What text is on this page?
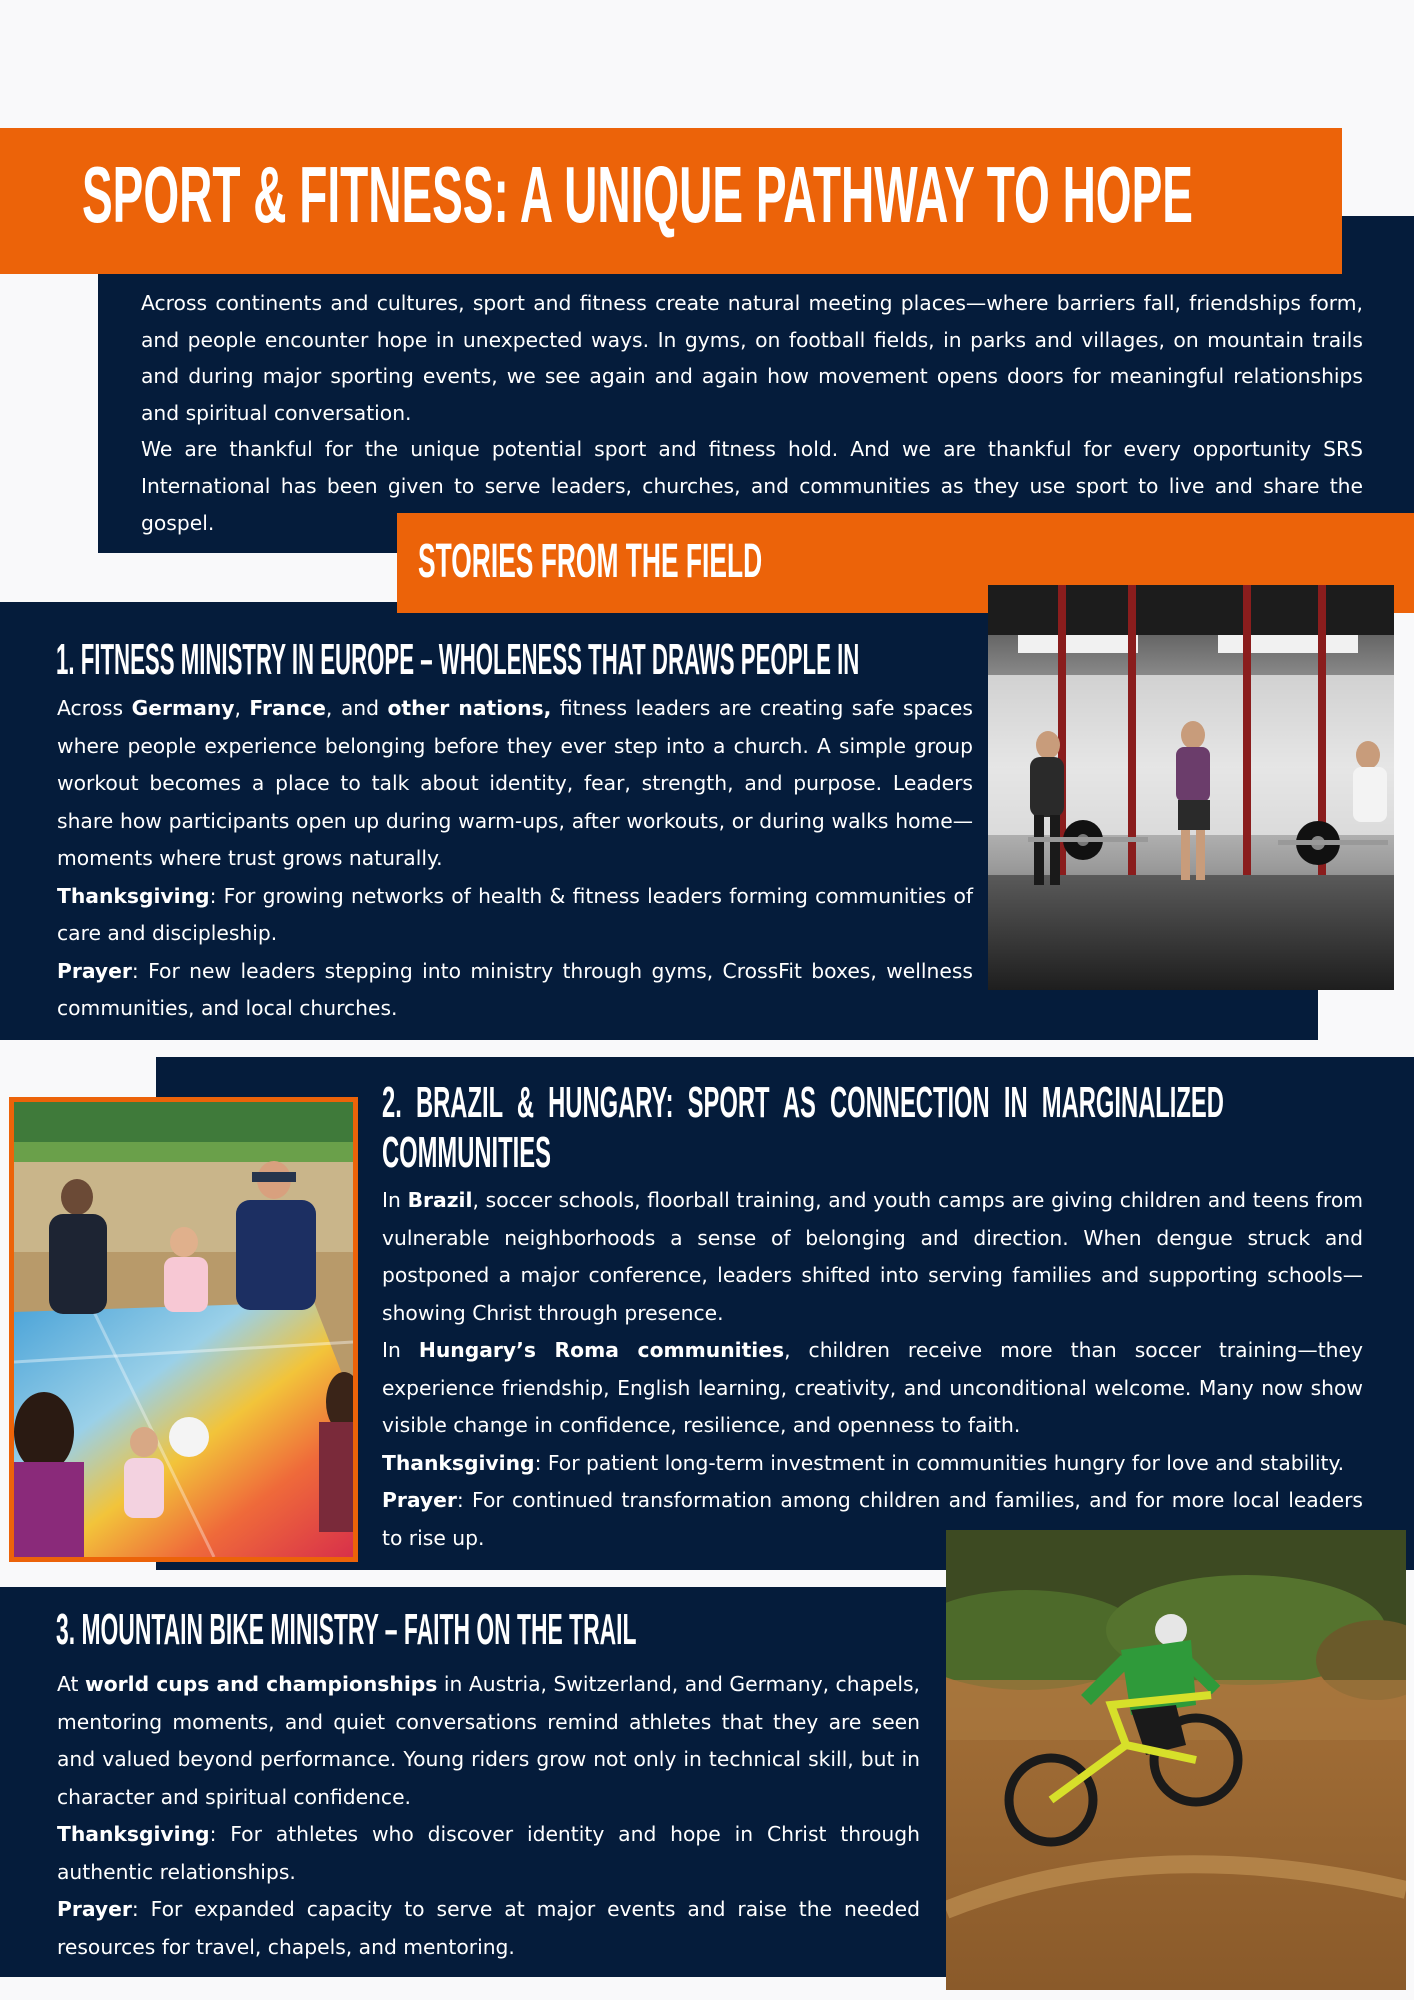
SPORT & FITNESS: A UNIQUE PATHWAY TO HOPE

Across continents and cultures, sport and fitness create natural meeting places—where barriers fall, friendships form, and people encounter hope in unexpected ways. In gyms, on football fields, in parks and villages, on mountain trails and during major sporting events, we see again and again how movement opens doors for meaningful relationships and spiritual conversation.

We are thankful for the unique potential sport and fitness hold. And we are thankful for every opportunity SRS International has been given to serve leaders, churches, and communities as they use sport to live and share the gospel.

STORIES FROM THE FIELD
1. FITNESS MINISTRY IN EUROPE – WHOLENESS THAT DRAWS PEOPLE IN

Across Germany, France, and other nations, fitness leaders are creating safe spaces where people experience belonging before they ever step into a church. A simple group workout becomes a place to talk about identity, fear, strength, and purpose. Leaders share how participants open up during warm-ups, after workouts, or during walks home—moments where trust grows naturally.

Thanksgiving: For growing networks of health & fitness leaders forming communities of care and discipleship.

Prayer: For new leaders stepping into ministry through gyms, CrossFit boxes, wellness communities, and local churches.

2. BRAZIL & HUNGARY: SPORT AS CONNECTION IN MARGINALIZED COMMUNITIES

In Brazil, soccer schools, floorball training, and youth camps are giving children and teens from vulnerable neighborhoods a sense of belonging and direction. When dengue struck and postponed a major conference, leaders shifted into serving families and supporting schools—showing Christ through presence.

In Hungary’s Roma communities, children receive more than soccer training—they experience friendship, English learning, creativity, and unconditional welcome. Many now show visible change in confidence, resilience, and openness to faith.

Thanksgiving: For patient long-term investment in communities hungry for love and stability.

Prayer: For continued transformation among children and families, and for more local leaders to rise up.

3. MOUNTAIN BIKE MINISTRY – FAITH ON THE TRAIL

At world cups and championships in Austria, Switzerland, and Germany, chapels, mentoring moments, and quiet conversations remind athletes that they are seen and valued beyond performance. Young riders grow not only in technical skill, but in character and spiritual confidence.

Thanksgiving: For athletes who discover identity and hope in Christ through authentic relationships.

Prayer: For expanded capacity to serve at major events and raise the needed resources for travel, chapels, and mentoring.
